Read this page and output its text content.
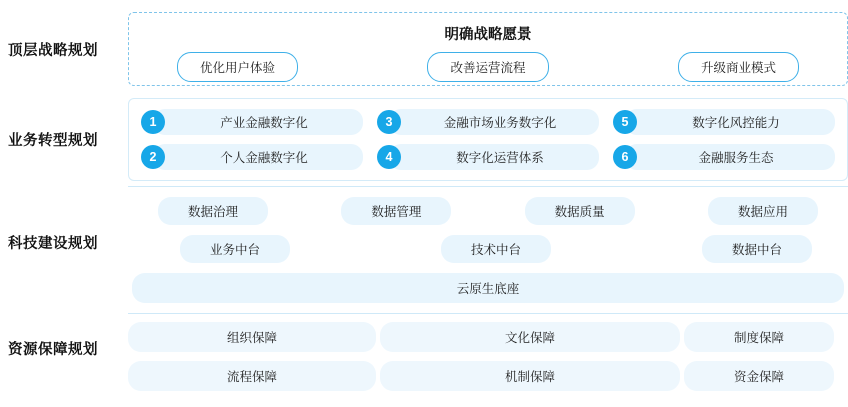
顶层战略规划
明确战略愿景
优化用户体验	改善运营流程	升级商业模式
业务转型规划
1	产业金融数字化	3	金融市场业务数字化	5	数字化风控能力
2	个人金融数字化	4	数字化运营体系	6	金融服务生态
科技建设规划
数据治理	数据管理	数据质量	数据应用
业务中台	技术中台	数据中台
云原生底座
资源保障规划
组织保障	文化保障	制度保障
流程保障	机制保障	资金保障
